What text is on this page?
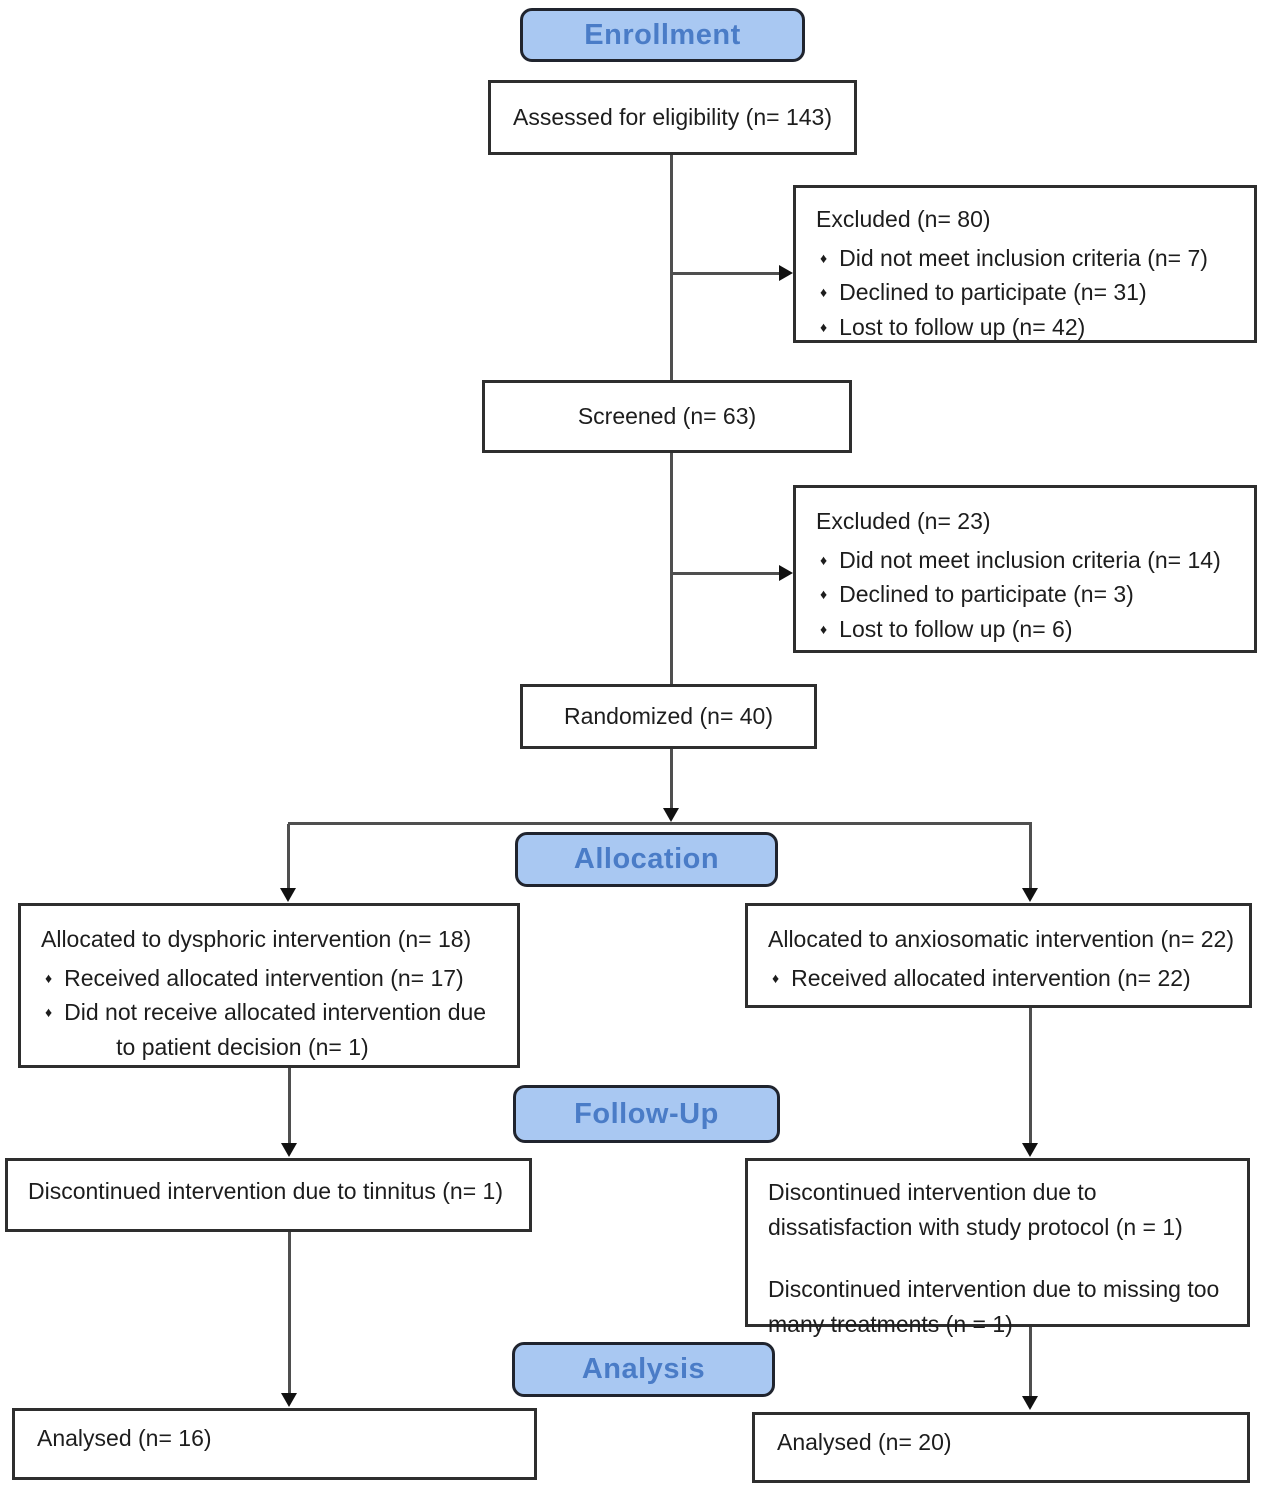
Enrollment
Allocation
Follow-Up
Analysis
Assessed for eligibility (n= 143)
Excluded (n= 80)
♦ Did not meet inclusion criteria (n= 7)
♦ Declined to participate (n= 31)
♦ Lost to follow up (n= 42)
Screened (n= 63)
Excluded (n= 23)
♦ Did not meet inclusion criteria (n= 14)
♦ Declined to participate (n= 3)
♦ Lost to follow up (n= 6)
Randomized (n= 40)
Allocated to dysphoric intervention (n= 18)
♦ Received allocated intervention (n= 17)
♦ Did not receive allocated intervention due to patient decision (n= 1)
Allocated to anxiosomatic intervention (n= 22)
♦ Received allocated intervention (n= 22)
Discontinued intervention due to tinnitus (n= 1)	Discontinued intervention due to dissatisfaction with study protocol (n = 1)
Discontinued intervention due to missing too many treatments (n = 1)
Analysed (n= 16)	Analysed (n= 20)
